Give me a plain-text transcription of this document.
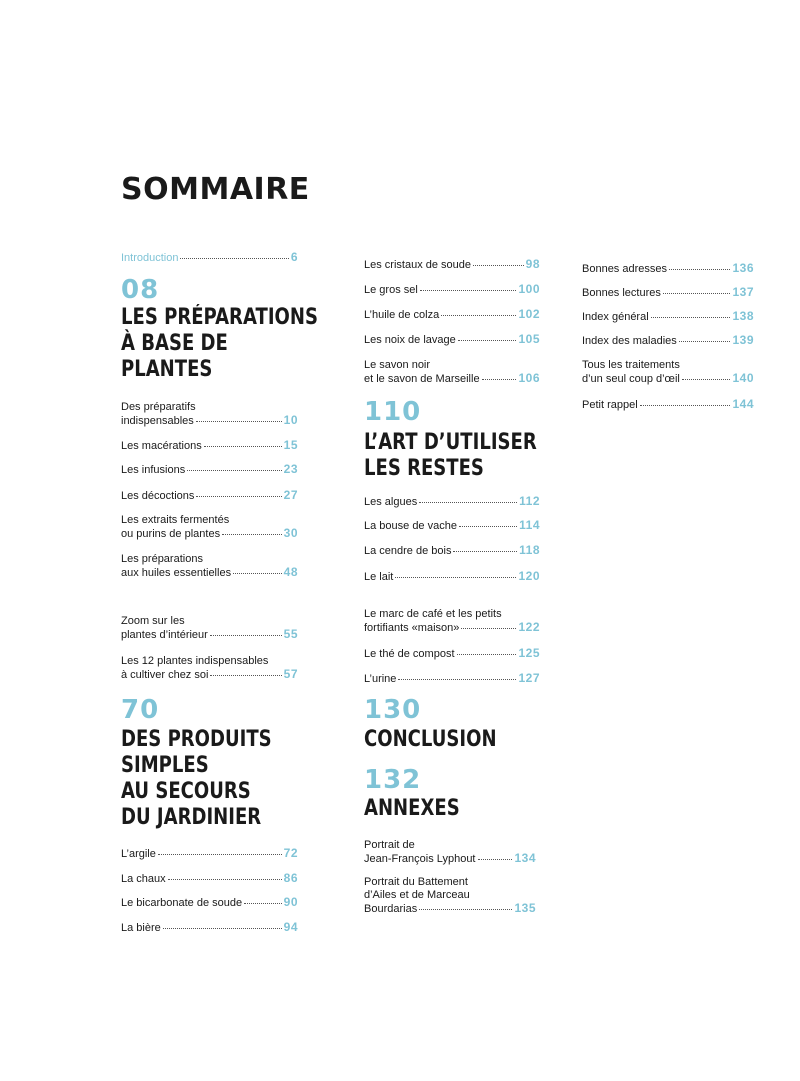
SOMMAIRE
Introduction	6
08
LES PRÉPARATIONS
À BASE DE
PLANTES
Des préparatifs
indispensables	10
Les macérations	15
Les infusions	23
Les décoctions	27
Les extraits fermentés
ou purins de plantes	30
Les préparations
aux huiles essentielles	48
Zoom sur les
plantes d’intérieur	55
Les 12 plantes indispensables
à cultiver chez soi	57
70
DES PRODUITS
SIMPLES
AU SECOURS
DU JARDINIER
L’argile	72
La chaux	86
Le bicarbonate de soude	90
La bière	94
Les cristaux de soude	98
Le gros sel	100
L’huile de colza	102
Les noix de lavage	105
Le savon noir
et le savon de Marseille	106
110
L’ART D’UTILISER
LES RESTES
Les algues	112
La bouse de vache	114
La cendre de bois	118
Le lait	120
Le marc de café et les petits
fortifiants «maison»	122
Le thé de compost	125
L’urine	127
130
CONCLUSION
132
ANNEXES
Portrait de
Jean-François Lyphout	134
Portrait du Battement
d’Ailes et de Marceau
Bourdarias	135
Bonnes adresses	136
Bonnes lectures	137
Index général	138
Index des maladies	139
Tous les traitements
d’un seul coup d’œil	140
Petit rappel	144
